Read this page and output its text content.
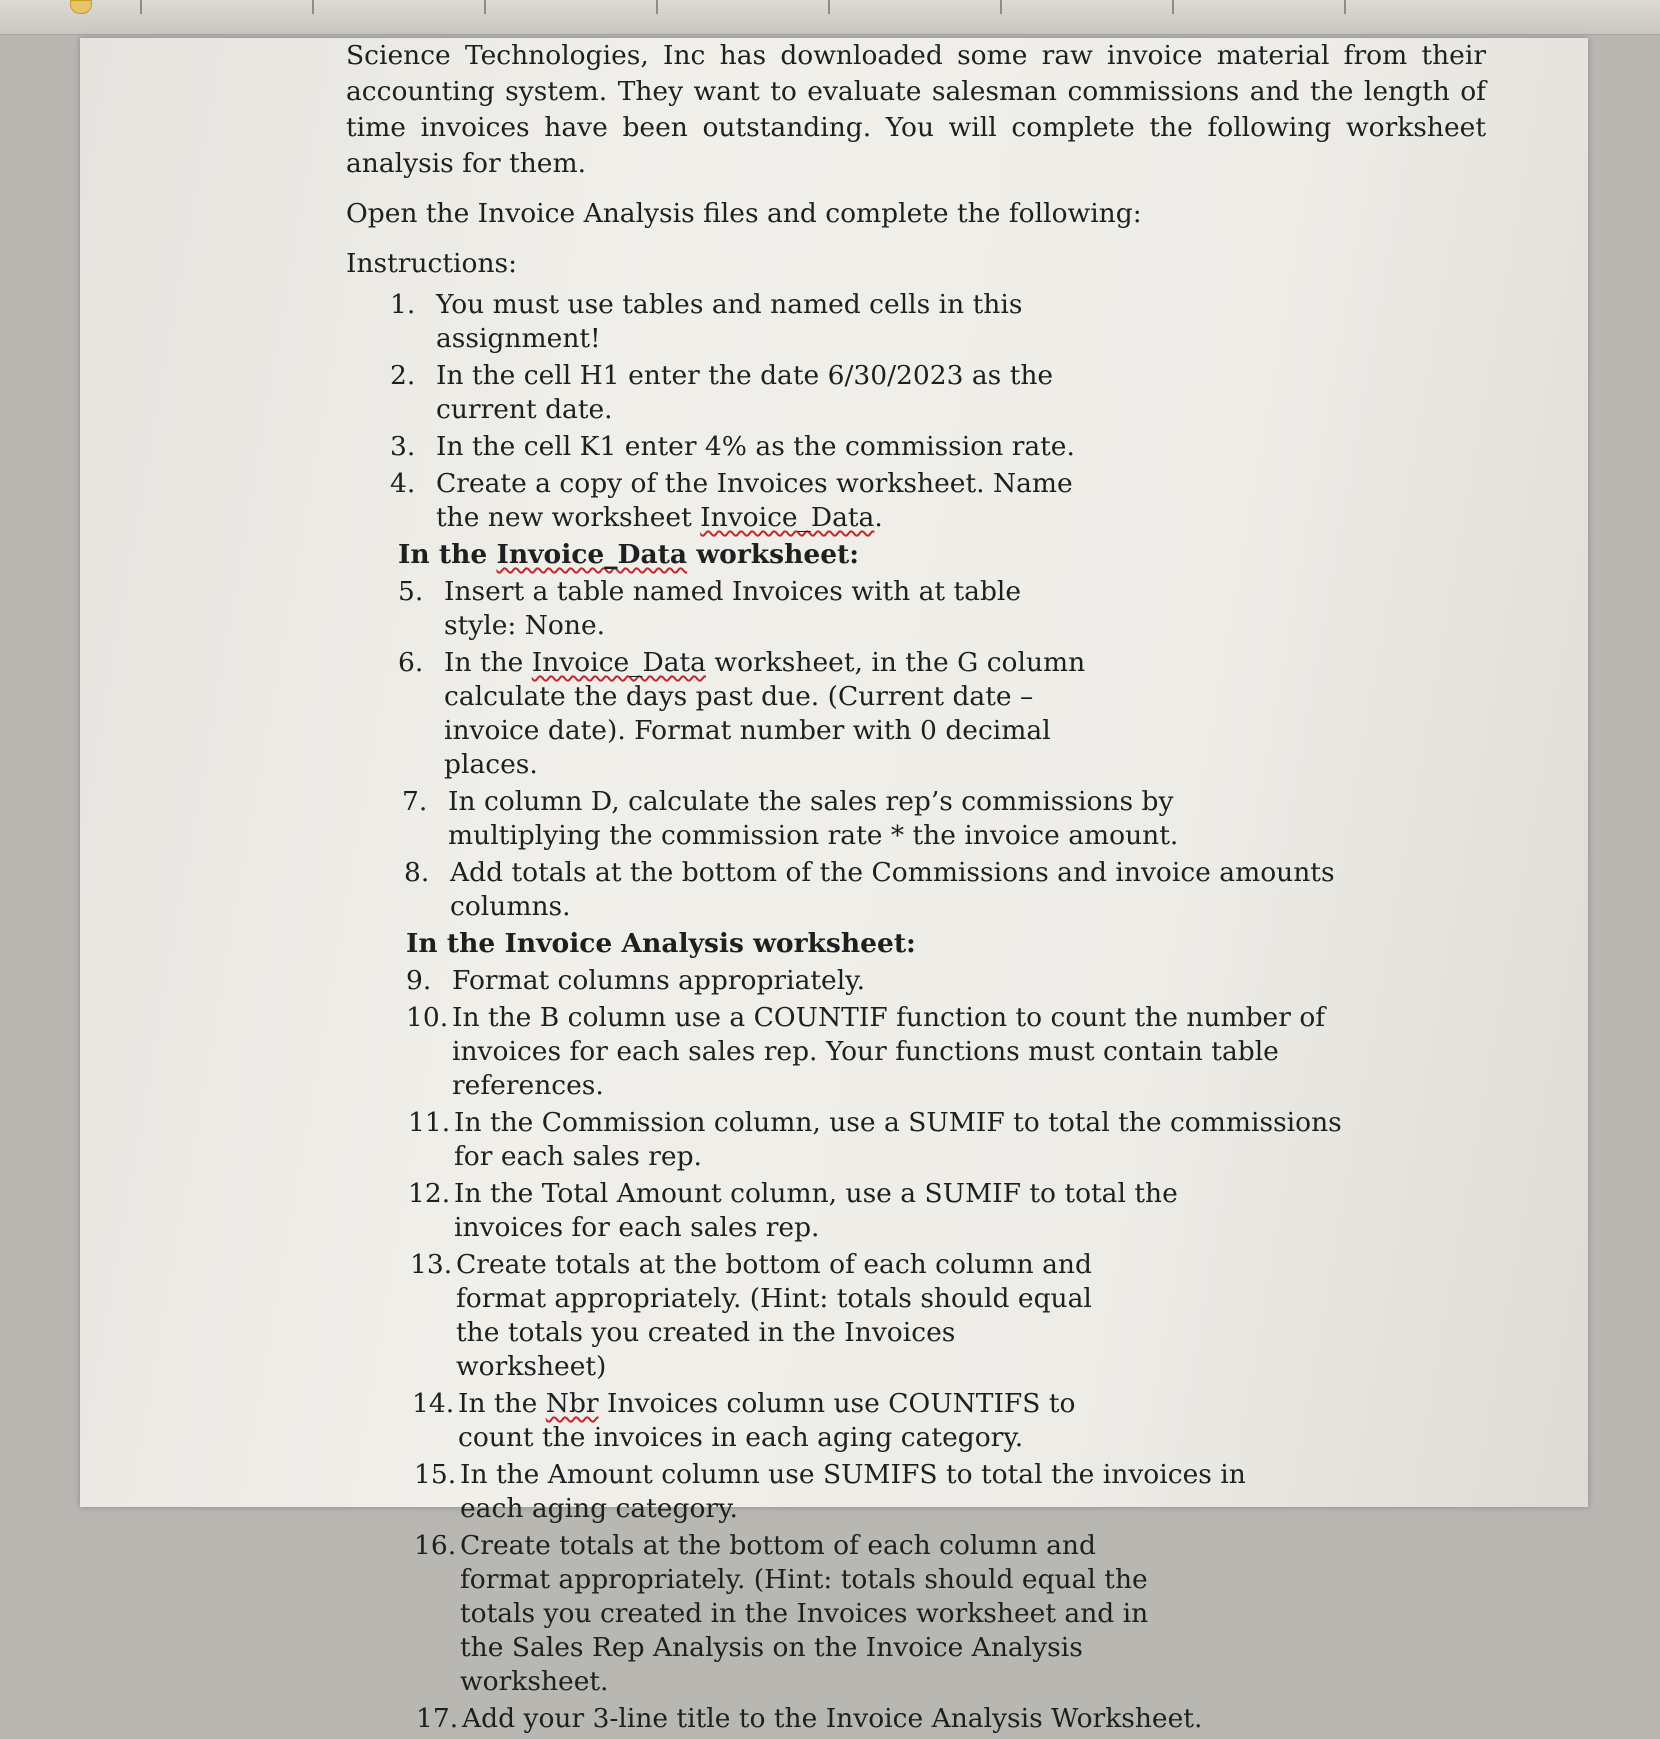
Science Technologies, Inc has downloaded some raw invoice material from their accounting system. They want to evaluate salesman commissions and the length of time invoices have been outstanding. You will complete the following worksheet analysis for them.

Open the Invoice Analysis files and complete the following:

Instructions:

1. You must use tables and named cells in this assignment!
2. In the cell H1 enter the date 6/30/2023 as the current date.
3. In the cell K1 enter 4% as the commission rate.
4. Create a copy of the Invoices worksheet. Name the new worksheet Invoice_Data.
In the Invoice_Data worksheet:
5. Insert a table named Invoices with at table style: None.
6. In the Invoice_Data worksheet, in the G column calculate the days past due. (Current date – invoice date). Format number with 0 decimal places.
7. In column D, calculate the sales rep’s commissions by multiplying the commission rate * the invoice amount.
8. Add totals at the bottom of the Commissions and invoice amounts columns.
In the Invoice Analysis worksheet:
9. Format columns appropriately.
10. In the B column use a COUNTIF function to count the number of invoices for each sales rep. Your functions must contain table references.
11. In the Commission column, use a SUMIF to total the commissions for each sales rep.
12. In the Total Amount column, use a SUMIF to total the invoices for each sales rep.
13. Create totals at the bottom of each column and format appropriately. (Hint: totals should equal the totals you created in the Invoices worksheet)
14. In the Nbr Invoices column use COUNTIFS to count the invoices in each aging category.
15. In the Amount column use SUMIFS to total the invoices in each aging category.
16. Create totals at the bottom of each column and format appropriately. (Hint: totals should equal the totals you created in the Invoices worksheet and in the Sales Rep Analysis on the Invoice Analysis worksheet.
17. Add your 3-line title to the Invoice Analysis Worksheet.
